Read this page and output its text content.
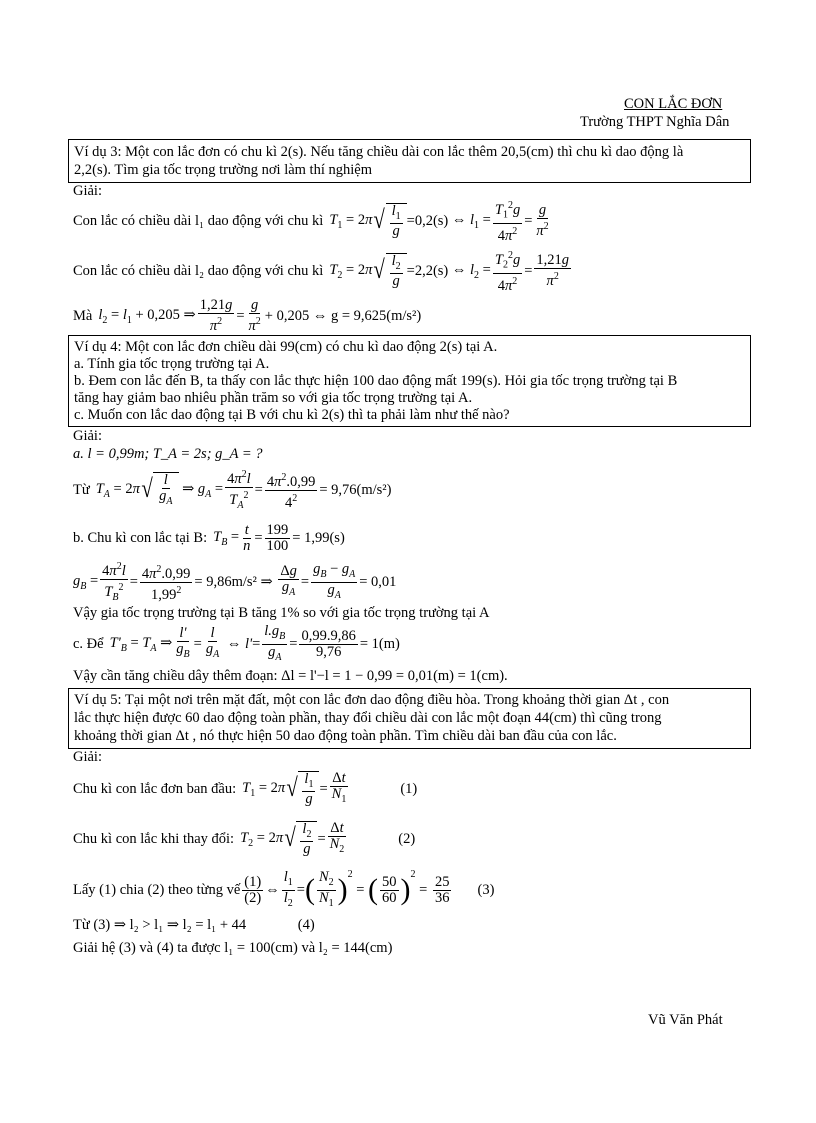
CON LẮC ĐƠN
Trường THPT Nghĩa Dân
Ví dụ 3: Một con lắc đơn có chu kì 2(s). Nếu tăng chiều dài con lắc thêm 20,5(cm) thì chu kì dao động là
2,2(s). Tìm gia tốc trọng trường nơi làm thí nghiệm
Giải:
Con lắc có chiều dài l₁ dao động với chu kì $T_1 = 2\pi$ √ $\frac{l_1}{g} =0,2(s)$ ⇔ $l_1 = \frac{T_1^2g}{4\pi^2} = \frac{g}{\pi^2}$
Con lắc có chiều dài l₂ dao động với chu kì $T_2 = 2\pi$ √ $\frac{l_2}{g} =2,2(s)$ ⇔ $l_2 = \frac{T_2^2g}{4\pi^2} = \frac{1,21g}{\pi^2}$
Mà $l_2 = l_1 + 0,205$ ⇒ $\frac{1,21g}{\pi^2} = \frac{g}{\pi^2} + 0,205$ ⇔ g = 9,625(m/s²)
Ví dụ 4: Một con lắc đơn chiều dài 99(cm) có chu kì dao động 2(s) tại A.
a. Tính gia tốc trọng trường tại A.
b. Đem con lắc đến B, ta thấy con lắc thực hiện 100 dao động mất 199(s). Hỏi gia tốc trọng trường tại B
tăng hay giảm bao nhiêu phần trăm so với gia tốc trọng trường tại A.
c. Muốn con lắc dao động tại B với chu kì 2(s) thì ta phải làm như thế nào?
Giải:
a. l = 0,99m; T_A = 2s; g_A = ?
Từ $T_A = 2\pi$ √ $\frac{l}{g_A}$ ⇒ $g_A = \frac{4\pi^2l}{T_A^2} = \frac{4\pi^2.0,99}{4^2} = 9,76(m/s^2)$
b. Chu kì con lắc tại B: $T_B = \frac{t}{n} = \frac{199}{100} = 1,99(s)$
$g_B = \frac{4\pi^2l}{T_B^2} = \frac{4\pi^2.0,99}{1,99^2} = 9,86m/s^2$ ⇒ $\frac{\Delta g}{g_A} = \frac{g_B - g_A}{g_A} = 0,01$
Vậy gia tốc trọng trường tại B tăng 1% so với gia tốc trọng trường tại A
c. Để $T'_B = T_A$ ⇒ $\frac{l'}{g_B} = \frac{l}{g_A}$ ⇔ $l'= \frac{l.g_B}{g_A} = \frac{0,99.9,86}{9,76} = 1(m)$
Vậy cần tăng chiều dây thêm đoạn: Δl = l'−l = 1 − 0,99 = 0,01(m) = 1(cm).
Ví dụ 5: Tại một nơi trên mặt đất, một con lắc đơn dao động điều hòa. Trong khoảng thời gian Δt , con
lắc thực hiện được 60 dao động toàn phần, thay đổi chiều dài con lắc một đoạn 44(cm) thì cũng trong
khoảng thời gian Δt , nó thực hiện 50 dao động toàn phần. Tìm chiều dài ban đầu của con lắc.
Giải:
Chu kì con lắc đơn ban đầu: $T_1 = 2\pi$ √ $\frac{l_1}{g} = \frac{\Delta t}{N_1}$	(1)
Chu kì con lắc khi thay đổi: $T_2 = 2\pi$ √ $\frac{l_2}{g} = \frac{\Delta t}{N_2}$	(2)
Lấy (1) chia (2) theo từng vế $\frac{(1)}{(2)}$ ⇔ $\frac{l_1}{l_2}$ = ( $\frac{N_2}{N_1} )^2$
= ( $\frac{50}{60} )^2$
= $\frac{25}{36} (3)$
Từ (3) ⇒ l₂ > l₁ ⇒ l₂ = l₁ + 44	(4)
Giải hệ (3) và (4) ta được l₁ = 100(cm) và l₂ = 144(cm)
Vũ Văn Phát
